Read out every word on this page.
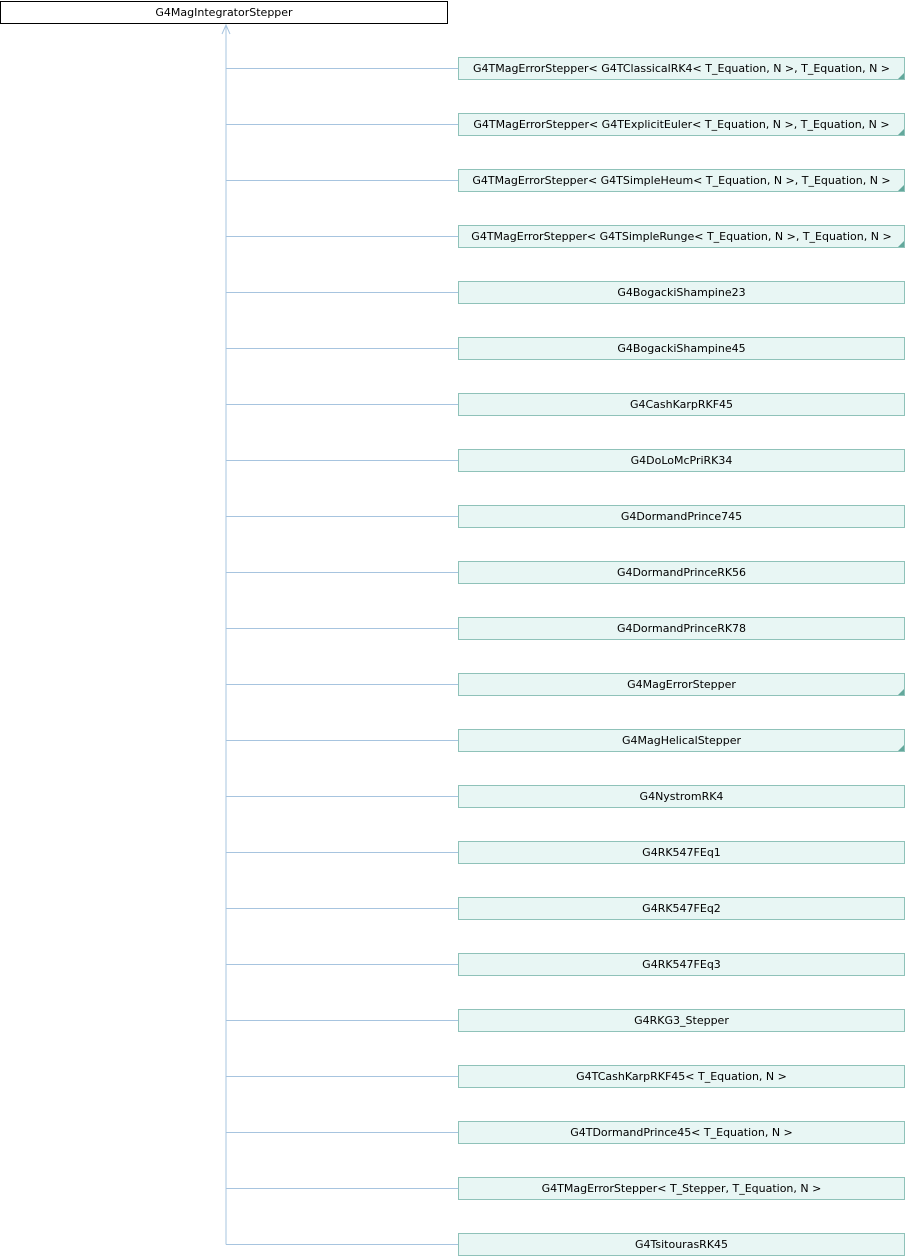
G4MagIntegratorStepper
G4TMagErrorStepper< G4TClassicalRK4< T_Equation, N >, T_Equation, N >
G4TMagErrorStepper< G4TExplicitEuler< T_Equation, N >, T_Equation, N >
G4TMagErrorStepper< G4TSimpleHeum< T_Equation, N >, T_Equation, N >
G4TMagErrorStepper< G4TSimpleRunge< T_Equation, N >, T_Equation, N >
G4BogackiShampine23
G4BogackiShampine45
G4CashKarpRKF45
G4DoLoMcPriRK34
G4DormandPrince745
G4DormandPrinceRK56
G4DormandPrinceRK78
G4MagErrorStepper
G4MagHelicalStepper
G4NystromRK4
G4RK547FEq1
G4RK547FEq2
G4RK547FEq3
G4RKG3_Stepper
G4TCashKarpRKF45< T_Equation, N >
G4TDormandPrince45< T_Equation, N >
G4TMagErrorStepper< T_Stepper, T_Equation, N >
G4TsitourasRK45
